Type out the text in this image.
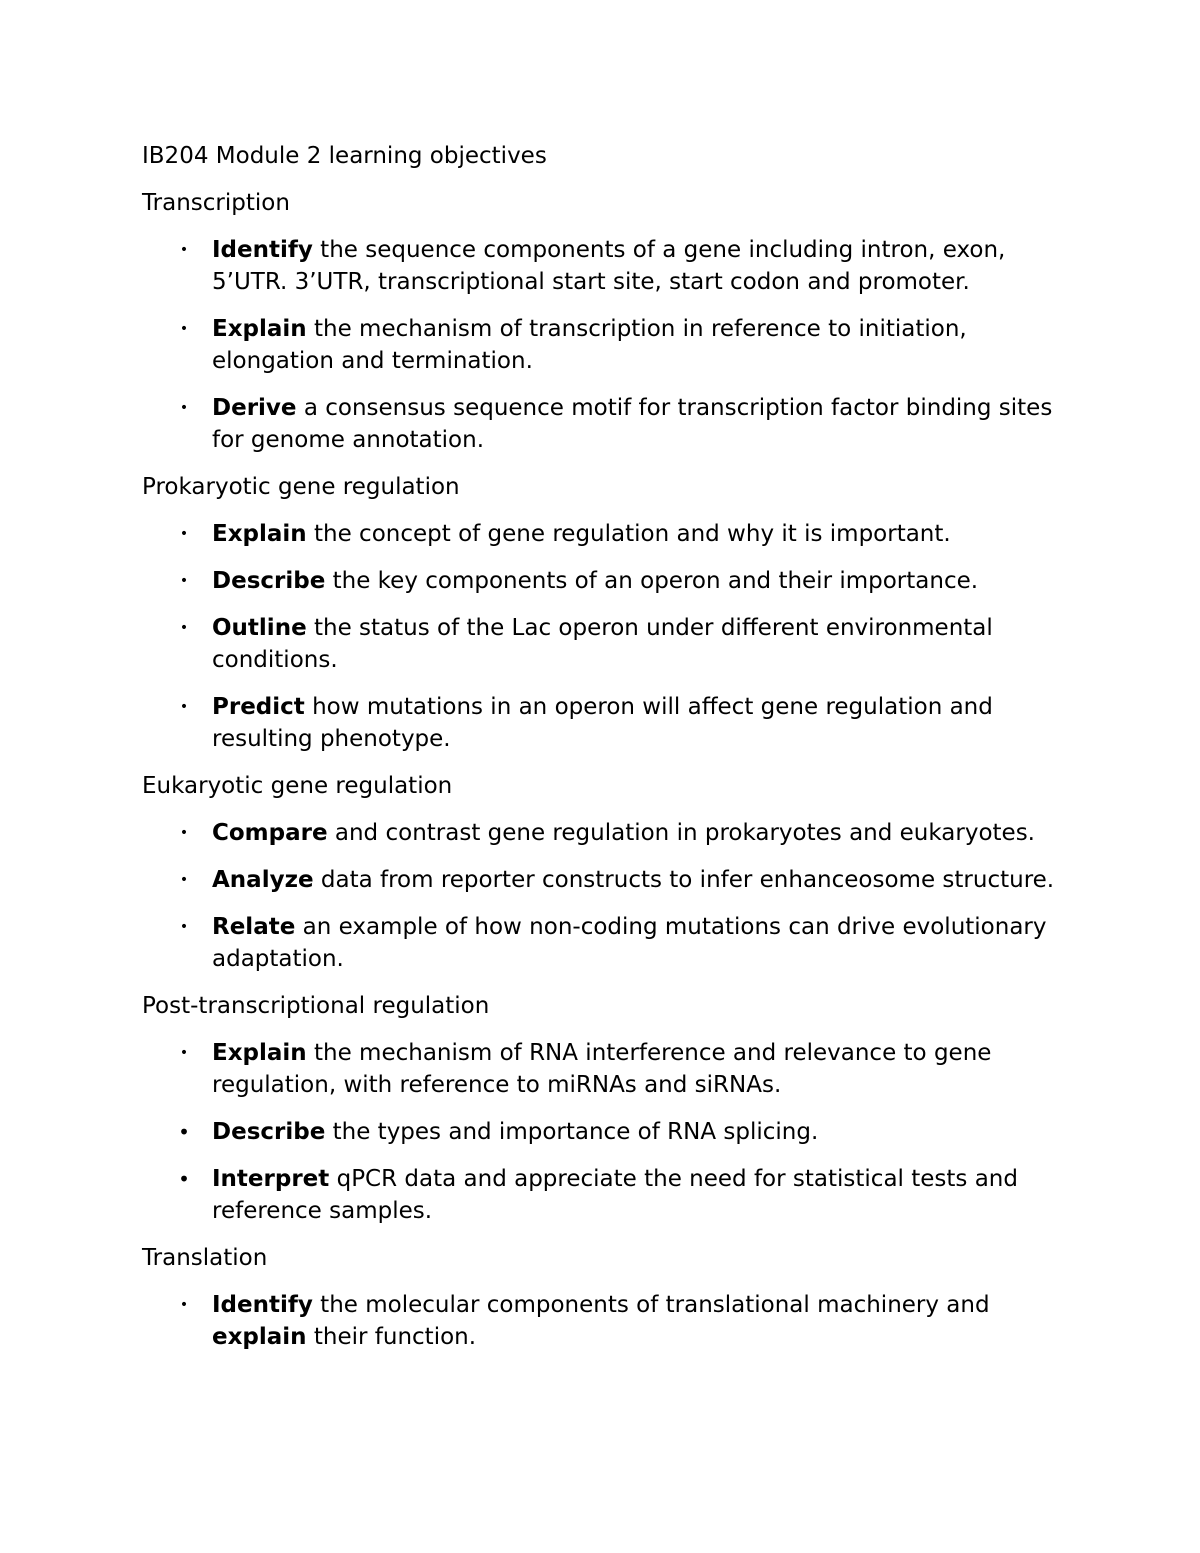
IB204 Module 2 learning objectives

Transcription

• Identify the sequence components of a gene including intron, exon, 5’UTR. 3’UTR, transcriptional start site, start codon and promoter.
• Explain the mechanism of transcription in reference to initiation, elongation and termination.
• Derive a consensus sequence motif for transcription factor binding sites for genome annotation.

Prokaryotic gene regulation

• Explain the concept of gene regulation and why it is important.
• Describe the key components of an operon and their importance.
• Outline the status of the Lac operon under different environmental conditions.
• Predict how mutations in an operon will affect gene regulation and resulting phenotype.

Eukaryotic gene regulation

• Compare and contrast gene regulation in prokaryotes and eukaryotes.
• Analyze data from reporter constructs to infer enhanceosome structure.
• Relate an example of how non-coding mutations can drive evolutionary adaptation.

Post-transcriptional regulation

• Explain the mechanism of RNA interference and relevance to gene regulation, with reference to miRNAs and siRNAs.
• Describe the types and importance of RNA splicing.
• Interpret qPCR data and appreciate the need for statistical tests and reference samples.

Translation

• Identify the molecular components of translational machinery and explain their function.
